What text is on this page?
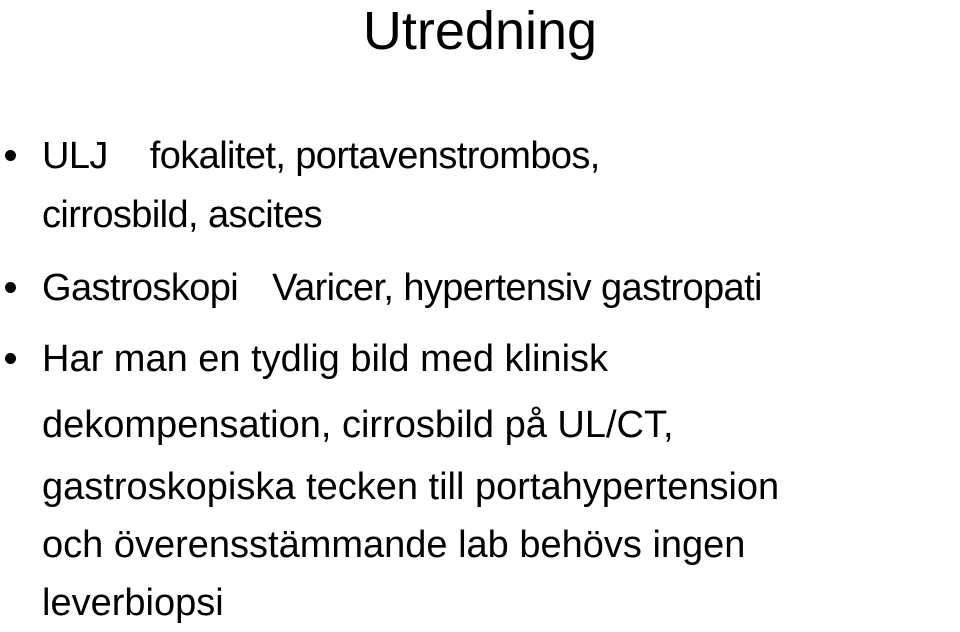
Utredning
ULJ fokalitet, portavenstrombos,
cirrosbild, ascites
Gastroskopi Varicer, hypertensiv gastropati
Har man en tydlig bild med klinisk
dekompensation, cirrosbild på UL/CT,
gastroskopiska tecken till portahypertension
och överensstämmande lab behövs ingen
leverbiopsi
